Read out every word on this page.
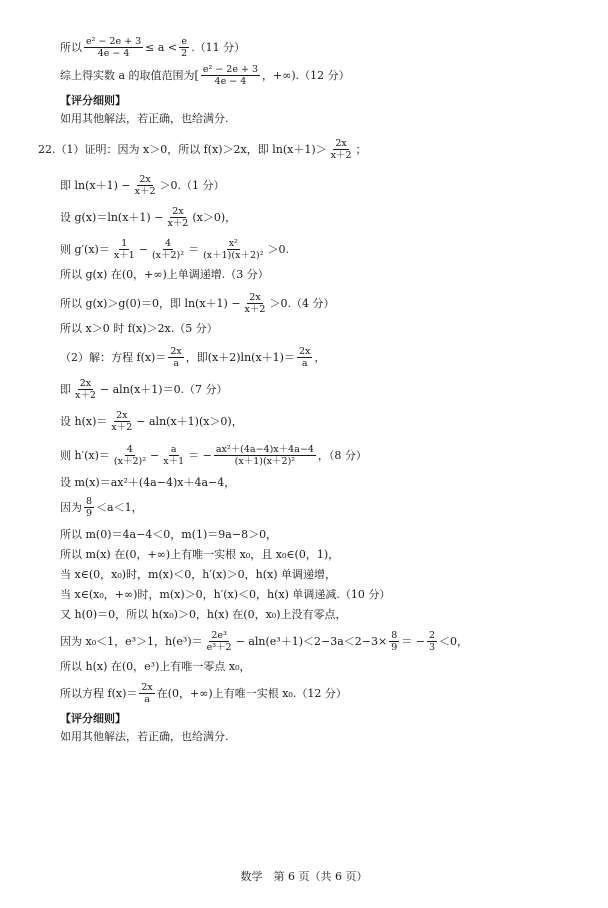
所以 $\frac{\text{e² − 2e + 3}}{4e - 4} \le a < \frac{e}{2} .(11$ 分）
综上得实数 a 的取值范围为[ $\frac{\text{e² − 2e + 3}}{4e - 4}$ ，+∞).（12 分）
【评分细则】
如用其他解法，若正确，也给满分.
22.（1）证明：因为 x＞0，所以 f(x)＞2x，即 $\ln(x+1)> \frac{2x}{x+2}$ ；
即 $\ln(x+1) - \frac{2x}{x+2} >0.(1$ 分）
设 $g(x)=\ln(x+1) - \frac{2x}{x+2} (x>0)$，
则 $g'(x)= \frac{1}{x+1} - \frac{4}{\text{(x＋2)²}} = \frac{\text{x²}}{\text{(x＋1)(x＋2)²}} >0$.
所以 g(x) 在(0，+∞)上单调递增.（3 分）
所以 g(x)＞g(0)＝0，即 $\ln(x+1) - \frac{2x}{x+2} >0.(4$ 分）
所以 x＞0 时 f(x)＞2x.（5 分）
（2）解：方程 $f(x)= \frac{2x}{a}$ ，即$(x+2)\ln(x+1)= \frac{2x}{a}$ ，
即 $\frac{2x}{x+2} - aln(x+1)=0.(7$ 分）
设 $h(x)= \frac{2x}{x+2} - aln(x+1)(x>0)$，
则 $h'(x)= \frac{4}{\text{(x＋2)²}} - \frac{a}{x+1}$ ＝ − $\frac{\text{ax²＋(4a−4)x＋4a−4}}{\text{(x＋1)(x＋2)²}}$ ，（8 分）
设 m(x)＝ax²＋(4a−4)x＋4a−4，
因为 $\frac{8}{9} <a<1$，
所以 m(0)＝4a−4＜0，m(1)＝9a−8＞0，
所以 m(x) 在(0，+∞)上有唯一实根 x₀，且 x₀∈(0，1)，
当 x∈(0，x₀)时，m(x)＜0，h′(x)＞0，h(x) 单调递增，
当 x∈(x₀，+∞)时，m(x)＞0，h′(x)＜0，h(x) 单调递减.（10 分）
又 h(0)＝0，所以 h(x₀)＞0，h(x) 在(0，x₀)上没有零点，
因为 x₀＜1，e³＞1，$h(e^3)= \frac{\text{2e³}}{\text{e³＋2}} - aln(e^3+1)<2-3a<2-3\times \frac{8}{9}$ ＝ − $\frac{2}{3} <0$，
所以 h(x) 在(0，e³)上有唯一零点 x₀，
所以方程 $f(x)= \frac{2x}{a}$ 在(0，+∞)上有唯一实根 x₀.（12 分）
【评分细则】
如用其他解法，若正确，也给满分.
数学　第 6 页（共 6 页）
